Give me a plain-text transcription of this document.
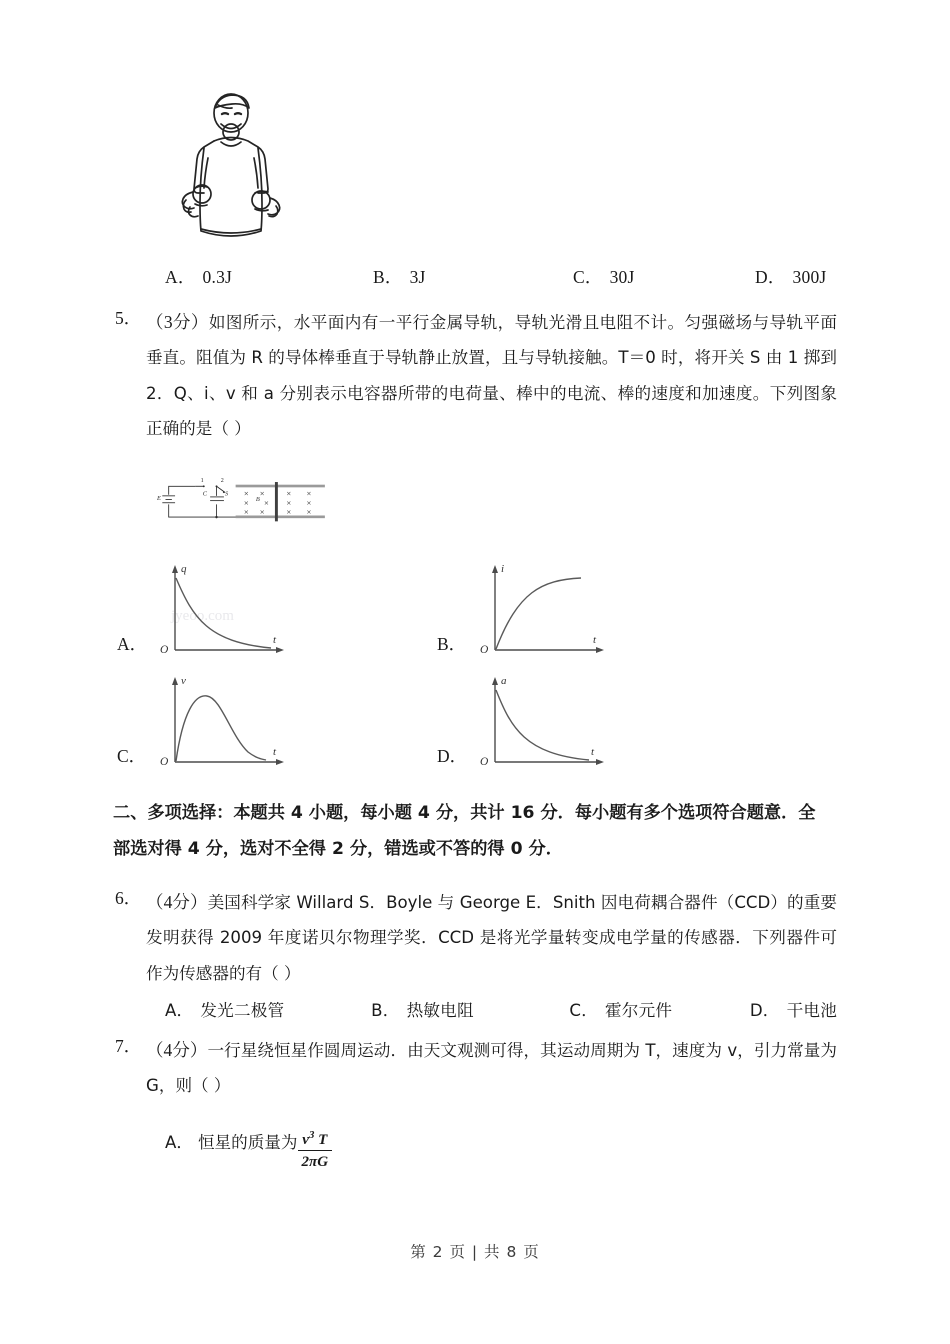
A． 0.3J	B． 3J	C． 30J	D． 300J
5． （3分）如图所示，水平面内有一平行金属导轨，导轨光滑且电阻不计。匀强磁场与导轨平面垂直。阻值为 R 的导体棒垂直于导轨静止放置，且与导轨接触。T＝0 时，将开关 S 由 1 掷到 2．Q、i、v 和 a 分别表示电容器所带的电荷量、棒中的电流、棒的速度和加速度。下列图象正确的是（ ）
E
C
1 2
S × × × ×
× × × ×
× × × ×
B
A．
jyeoo.com
q
t
O	B．
i
t
O
C．
v
t
O	D．
a
t
O
二、多项选择：本题共 4 小题，每小题 4 分，共计 16 分．每小题有多个选项符合题意．全
部选对得 4 分，选对不全得 2 分，错选或不答的得 0 分．
6． （4分）美国科学家 Willard S．Boyle 与 George E．Snith 因电荷耦合器件（CCD）的重要发明获得 2009 年度诺贝尔物理学奖．CCD 是将光学量转变成电学量的传感器．下列器件可作为传感器的有（ ）
A． 发光二极管	B． 热敏电阻	C． 霍尔元件	D． 干电池
7． （4分）一行星绕恒星作圆周运动．由天文观测可得，其运动周期为 T，速度为 v，引力常量为 G，则（ ）
A． 恒星的质量为 $\frac{v^3 T}{2\pi G}$
第 2 页 | 共 8 页
